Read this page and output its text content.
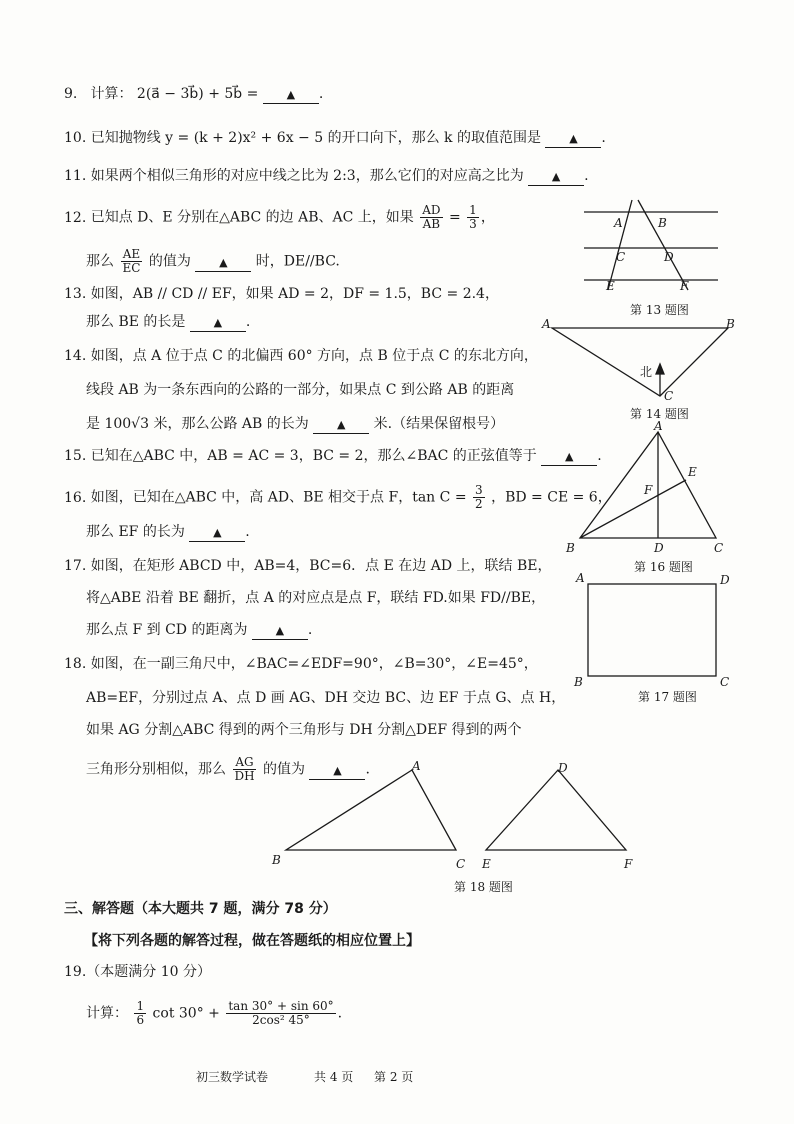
9. 计算： 2(a⃗ − 3b⃗) + 5b⃗ =	▲ .
10. 已知抛物线 y = (k + 2)x² + 6x − 5 的开口向下，那么 k 的取值范围是	▲ .
11. 如果两个相似三角形的对应中线之比为 2:3，那么它们的对应高之比为	▲ .
12. 已知点 D、E 分别在△ABC 的边 AB、AC 上，如果 $\frac{AD}{AB} = \frac{1}{3}$ ，
那么 $\frac{AE}{EC}$ 的值为	▲ 时，DE//BC.
13. 如图，AB // CD // EF，如果 AD = 2，DF = 1.5，BC = 2.4，
那么 BE 的长是	▲ .
14. 如图，点 A 位于点 C 的北偏西 60° 方向，点 B 位于点 C 的东北方向，
线段 AB 为一条东西向的公路的一部分，如果点 C 到公路 AB 的距离
是 100√3 米，那么公路 AB 的长为	▲ 米.（结果保留根号）
15. 已知在△ABC 中，AB = AC = 3，BC = 2，那么∠BAC 的正弦值等于	▲ .
16. 如图，已知在△ABC 中，高 AD、BE 相交于点 F，$\tan C = \frac{3}{2}$ ，BD = CE = 6，
那么 EF 的长为	▲ .
17. 如图，在矩形 ABCD 中，AB=4，BC=6．点 E 在边 AD 上，联结 BE，
将△ABE 沿着 BE 翻折，点 A 的对应点是点 F，联结 FD.如果 FD//BE，
那么点 F 到 CD 的距离为	▲ .
18. 如图，在一副三角尺中，∠BAC=∠EDF=90°，∠B=30°，∠E=45°，
AB=EF，分别过点 A、点 D 画 AG、DH 交边 BC、边 EF 于点 G、点 H，
如果 AG 分割△ABC 得到的两个三角形与 DH 分割△DEF 得到的两个
三角形分别相似，那么 $\frac{AG}{DH}$ 的值为	▲ .
A	B
C	D
E	F
第 13 题图
A	B
C
北
第 14 题图
A
B	C
D
E
F
第 16 题图
A	D
B	C
第 17 题图
A
B	C
D
E	F
第 18 题图
三、解答题（本大题共 7 题，满分 78 分）
【将下列各题的解答过程，做在答题纸的相应位置上】
19.（本题满分 10 分）
计算： $\frac{1}{6}$ $\cot 30^\circ + \frac{\tan 30^\circ + \sin 60^\circ}{\text{2cos² 45°}}$ .
初三数学试卷	共 4 页 第 2 页
